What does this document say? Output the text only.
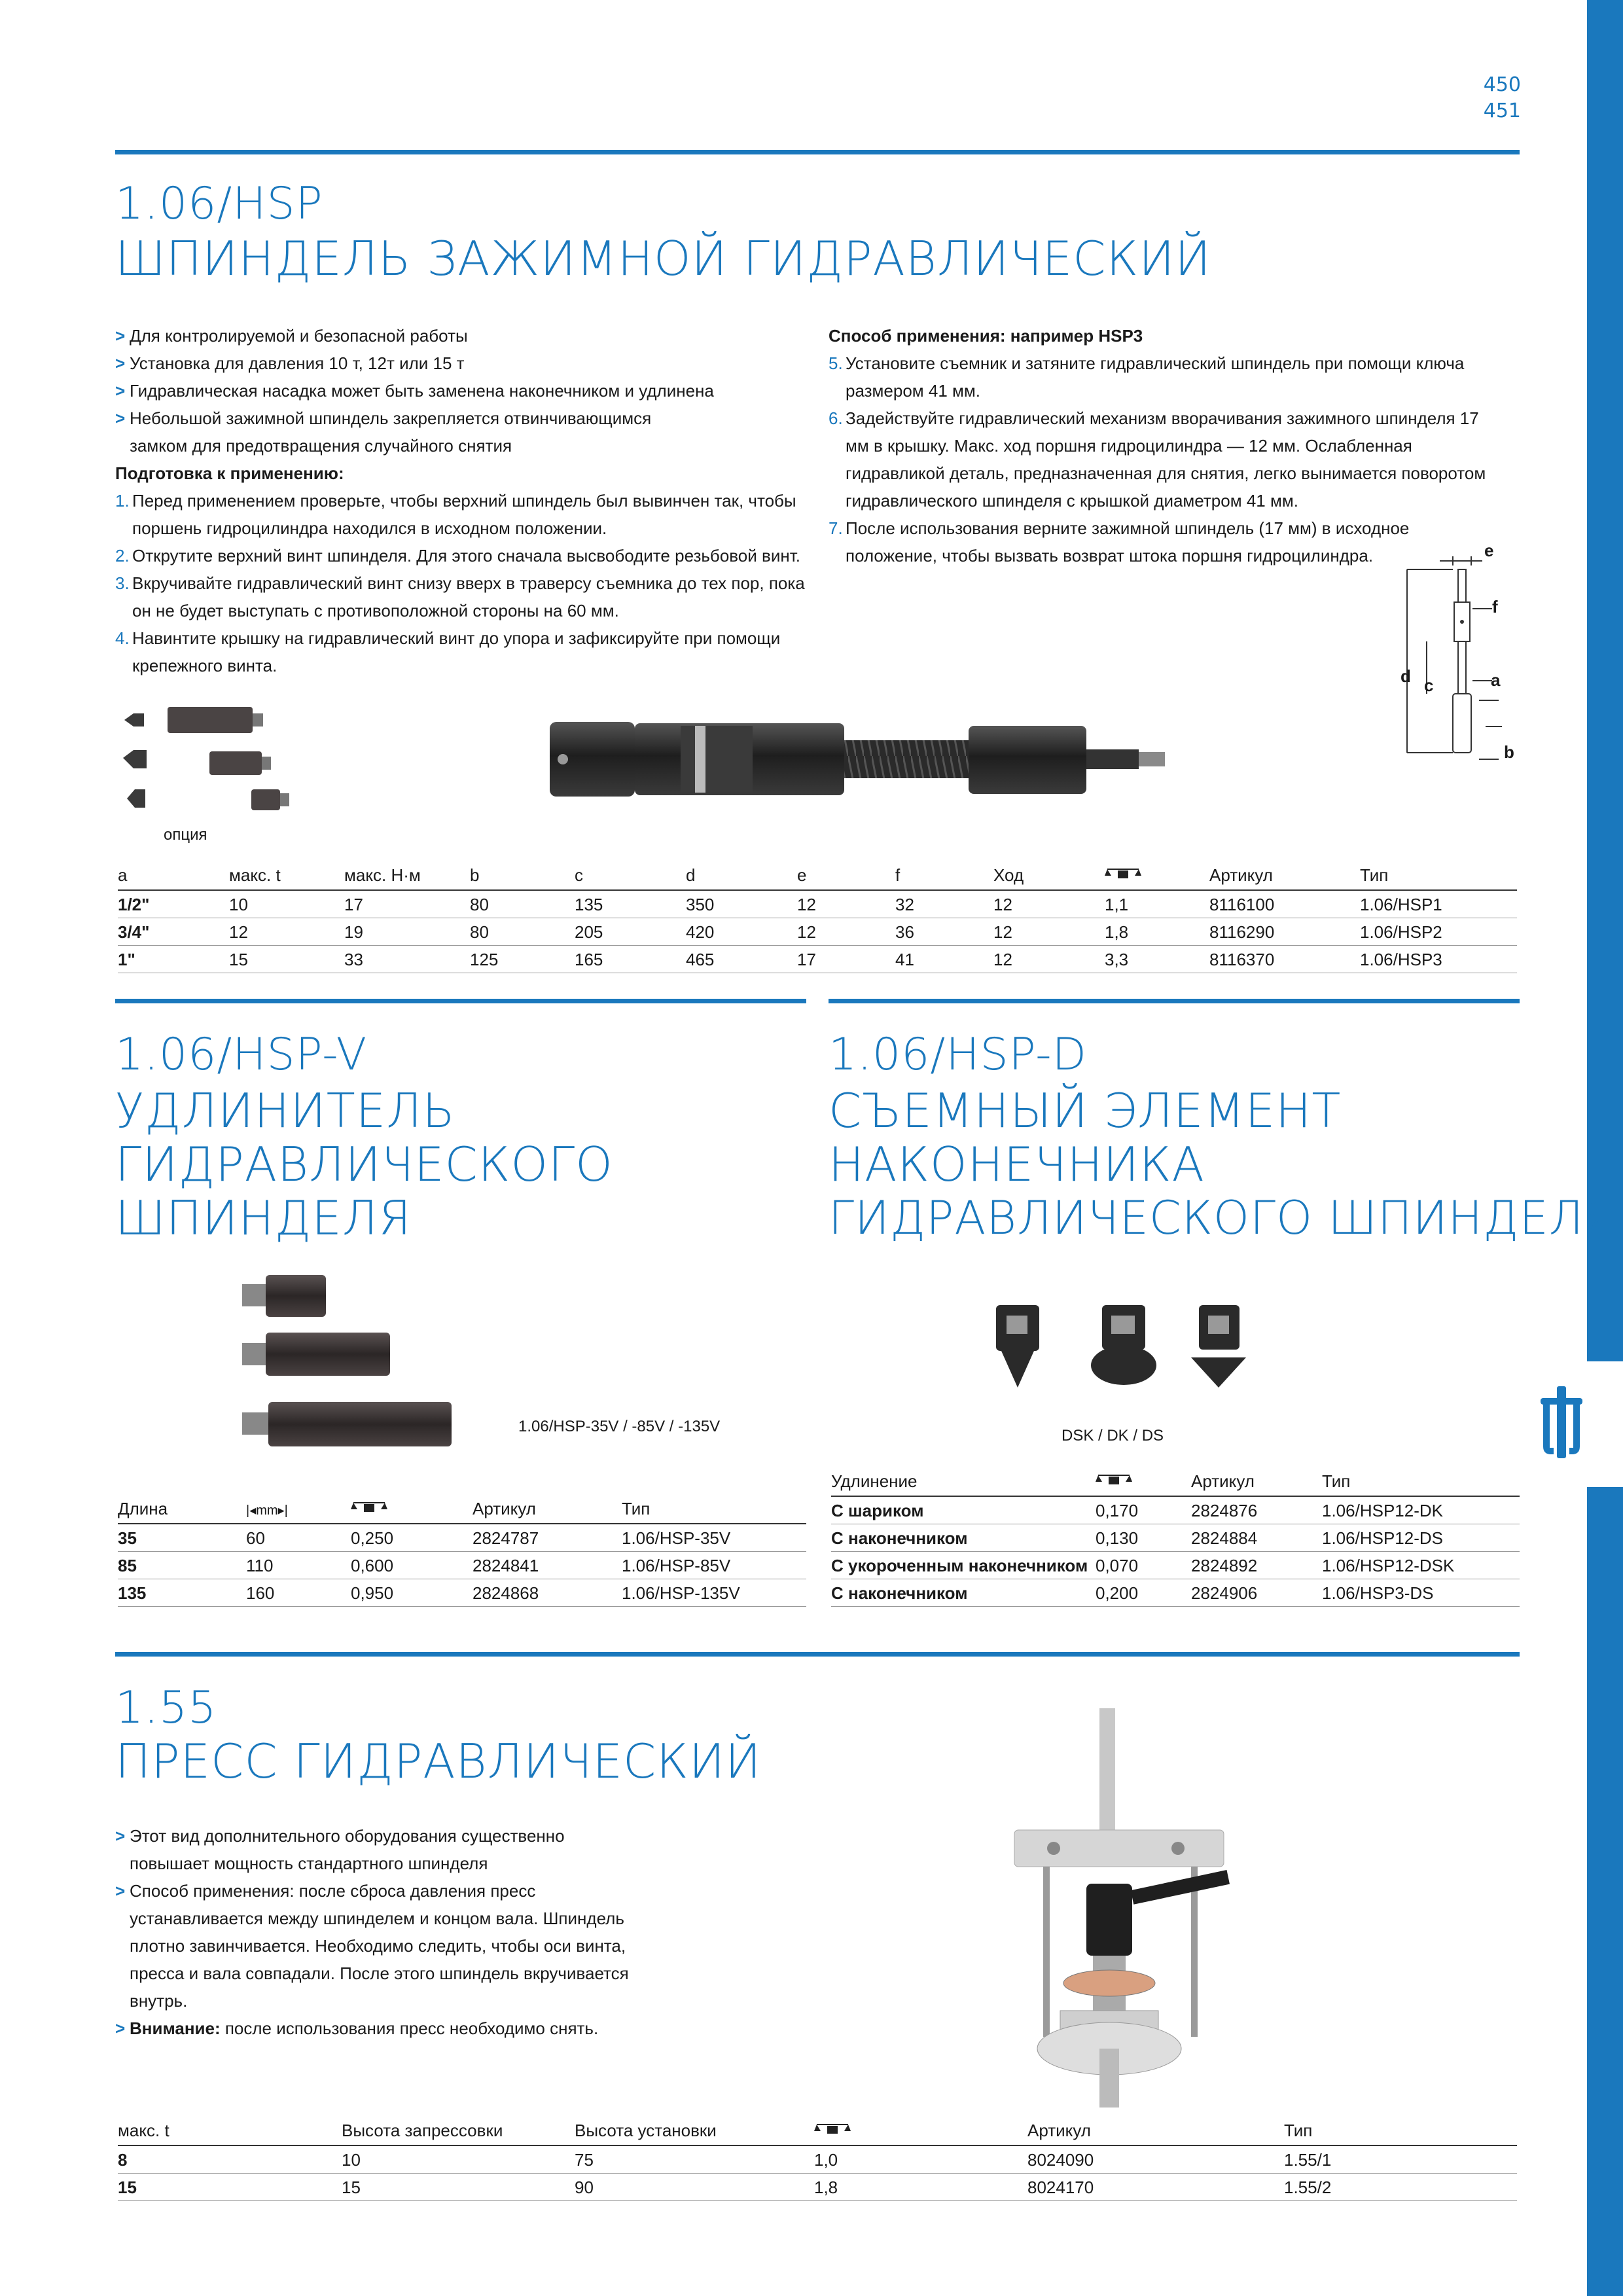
450
451
1.06/HSP
ШПИНДЕЛЬ ЗАЖИМНОЙ ГИДРАВЛИЧЕСКИЙ
> Для контролируемой и безопасной работы
> Установка для давления 10 т, 12т или 15 т
> Гидравлическая насадка может быть заменена наконечником и удлинена
> Небольшой зажимной шпиндель закрепляется отвинчивающимся замком для предотвращения случайного снятия
Подготовка к применению:
1. Перед применением проверьте, чтобы верхний шпиндель был вывинчен так, чтобы поршень гидроцилиндра находился в исходном положении.
2. Открутите верхний винт шпинделя. Для этого сначала высвободите резьбовой винт.
3. Вкручивайте гидравлический винт снизу вверх в траверсу съемника до тех пор, пока он не будет выступать с противоположной стороны на 60 мм.
4. Навинтите крышку на гидравлический винт до упора и зафиксируйте при помощи крепежного винта.
Способ применения: например HSP3
5. Установите съемник и затяните гидравлический шпиндель при помощи ключа размером 41 мм.
6. Задействуйте гидравлический механизм вворачивания зажимного шпинделя 17 мм в крышку. Макс. ход поршня гидроцилиндра — 12 мм. Ослабленная гидравликой деталь, предназначенная для снятия, легко вынимается поворотом гидравлического шпинделя с крышкой диаметром 41 мм.
7. После использования верните зажимной шпиндель (17 мм) в исходное положение, чтобы вызвать возврат штока поршня гидроцилиндра.
опция
e
f
d c	a
b
a	макс. t	макс. Н·м	b	c	d	e	f	Ход		Артикул	Тип
1/2"	10	17	80	135	350	12	32	12	1,1	8116100	1.06/HSP1
3/4"	12	19	80	205	420	12	36	12	1,8	8116290	1.06/HSP2
1"	15	33	125	165	465	17	41	12	3,3	8116370	1.06/HSP3
1.06/HSP-V
УДЛИНИТЕЛЬ
ГИДРАВЛИЧЕСКОГО
ШПИНДЕЛЯ
1.06/HSP-35V / -85V / -135V
Длина	|◂mm▸|		Артикул	Тип
35	60	0,250	2824787	1.06/HSP-35V
85	110	0,600	2824841	1.06/HSP-85V
135	160	0,950	2824868	1.06/HSP-135V
1.06/HSP-D
СЪЕМНЫЙ ЭЛЕМЕНТ
НАКОНЕЧНИКА
ГИДРАВЛИЧЕСКОГО ШПИНДЕЛЯ
DSK / DK / DS
Удлинение		Артикул	Тип
С шариком	0,170	2824876	1.06/HSP12-DK
С наконечником	0,130	2824884	1.06/HSP12-DS
С укороченным наконечником	0,070	2824892	1.06/HSP12-DSK
С наконечником	0,200	2824906	1.06/HSP3-DS
1.55
ПРЕСС ГИДРАВЛИЧЕСКИЙ
> Этот вид дополнительного оборудования существенно повышает мощность стандартного шпинделя
> Способ применения: после сброса давления пресс устанавливается между шпинделем и концом вала. Шпиндель плотно завинчивается. Необходимо следить, чтобы оси винта, пресса и вала совпадали. После этого шпиндель вкручивается внутрь.
> Внимание: после использования пресс необходимо снять.
макс. t	Высота запрессовки	Высота установки		Артикул	Тип
8	10	75	1,0	8024090	1.55/1
15	15	90	1,8	8024170	1.55/2
